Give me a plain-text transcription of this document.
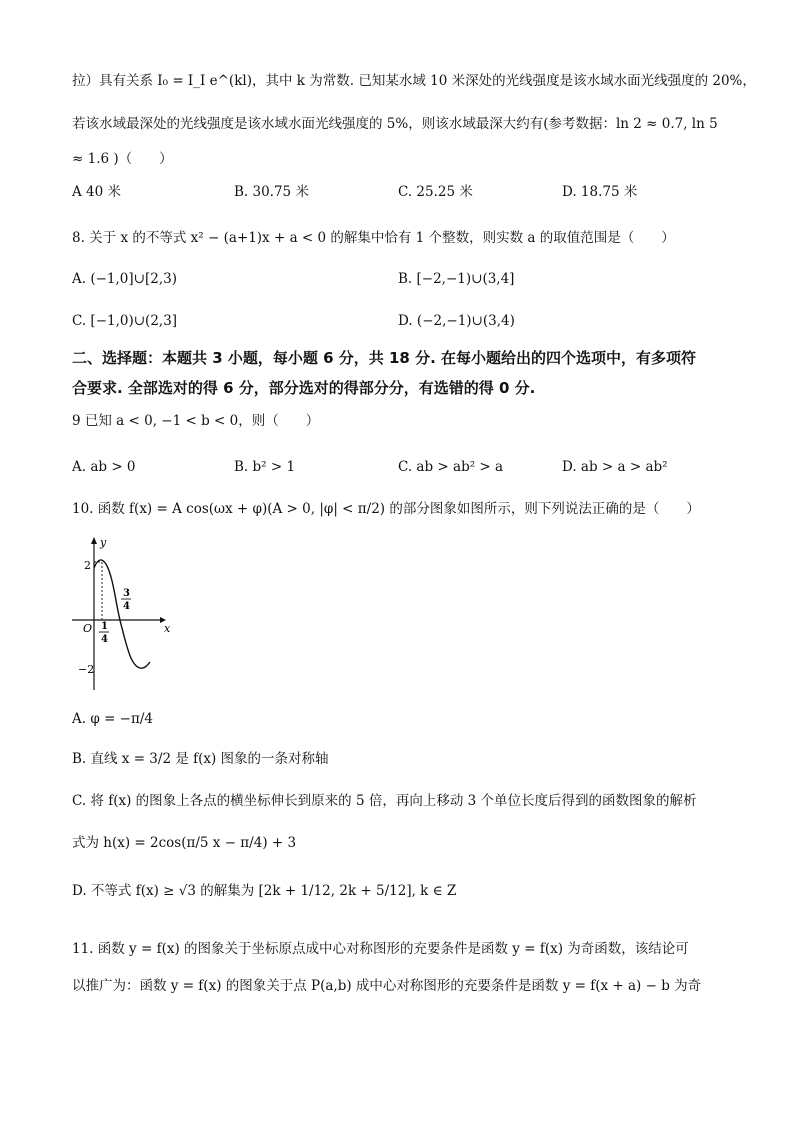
拉）具有关系 I₀ = I_I e^(kl)，其中 k 为常数. 已知某水域 10 米深处的光线强度是该水域水面光线强度的 20%，
若该水域最深处的光线强度是该水域水面光线强度的 5%，则该水域最深大约有(参考数据：ln 2 ≈ 0.7, ln 5
≈ 1.6 )（　　）
A 40 米	B. 30.75 米	C. 25.25 米	D. 18.75 米
8. 关于 x 的不等式 x² − (a+1)x + a < 0 的解集中恰有 1 个整数，则实数 a 的取值范围是（　　）
A. (−1,0]∪[2,3)	B. [−2,−1)∪(3,4]
C. [−1,0)∪(2,3]	D. (−2,−1)∪(3,4)
二、选择题：本题共 3 小题，每小题 6 分，共 18 分. 在每小题给出的四个选项中，有多项符
合要求. 全部选对的得 6 分，部分选对的得部分分，有选错的得 0 分.
9 已知 a < 0, −1 < b < 0，则（　　）
A. ab > 0	B. b² > 1	C. ab > ab² > a	D. ab > a > ab²
10. 函数 f(x) = A cos(ωx + φ)(A > 0, |φ| < π/2) 的部分图象如图所示，则下列说法正确的是（　　）
y
x
O
2
−2
1
4
3
4
A. φ = −π/4
B. 直线 x = 3/2 是 f(x) 图象的一条对称轴
C. 将 f(x) 的图象上各点的横坐标伸长到原来的 5 倍，再向上移动 3 个单位长度后得到的函数图象的解析
式为 h(x) = 2cos(π/5 x − π/4) + 3
D. 不等式 f(x) ≥ √3 的解集为 [2k + 1/12, 2k + 5/12], k ∈ Z
11. 函数 y = f(x) 的图象关于坐标原点成中心对称图形的充要条件是函数 y = f(x) 为奇函数，该结论可
以推广为：函数 y = f(x) 的图象关于点 P(a,b) 成中心对称图形的充要条件是函数 y = f(x + a) − b 为奇
